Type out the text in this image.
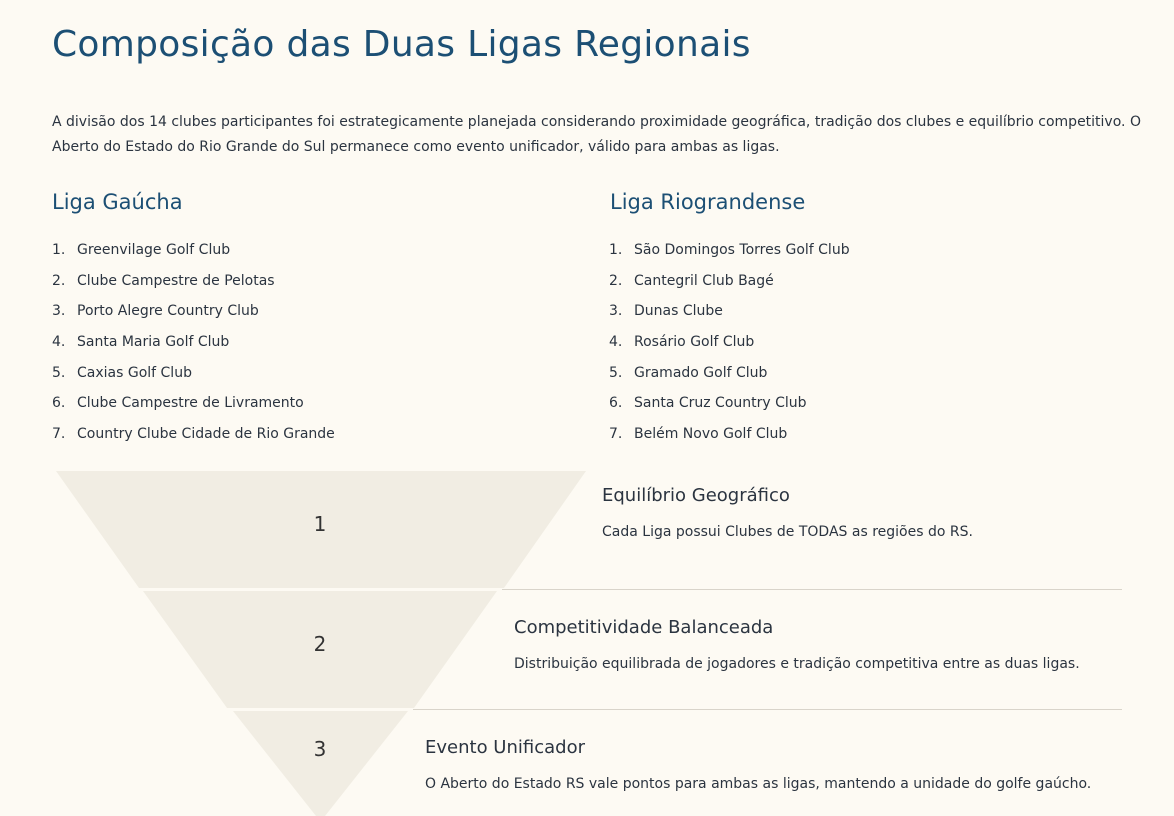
Composição das Duas Ligas Regionais

A divisão dos 14 clubes participantes foi estrategicamente planejada considerando proximidade geográfica, tradição dos clubes e equilíbrio competitivo. O Aberto do Estado do Rio Grande do Sul permanece como evento unificador, válido para ambas as ligas.

Liga Gaúcha
1. Greenvilage Golf Club
2. Clube Campestre de Pelotas
3. Porto Alegre Country Club
4. Santa Maria Golf Club
5. Caxias Golf Club
6. Clube Campestre de Livramento
7. Country Clube Cidade de Rio Grande
Liga Riograndense
1. São Domingos Torres Golf Club
2. Cantegril Club Bagé
3. Dunas Clube
4. Rosário Golf Club
5. Gramado Golf Club
6. Santa Cruz Country Club
7. Belém Novo Golf Club
1
2
3
Equilíbrio Geográfico

Cada Liga possui Clubes de TODAS as regiões do RS.

Competitividade Balanceada

Distribuição equilibrada de jogadores e tradição competitiva entre as duas ligas.

Evento Unificador

O Aberto do Estado RS vale pontos para ambas as ligas, mantendo a unidade do golfe gaúcho.
